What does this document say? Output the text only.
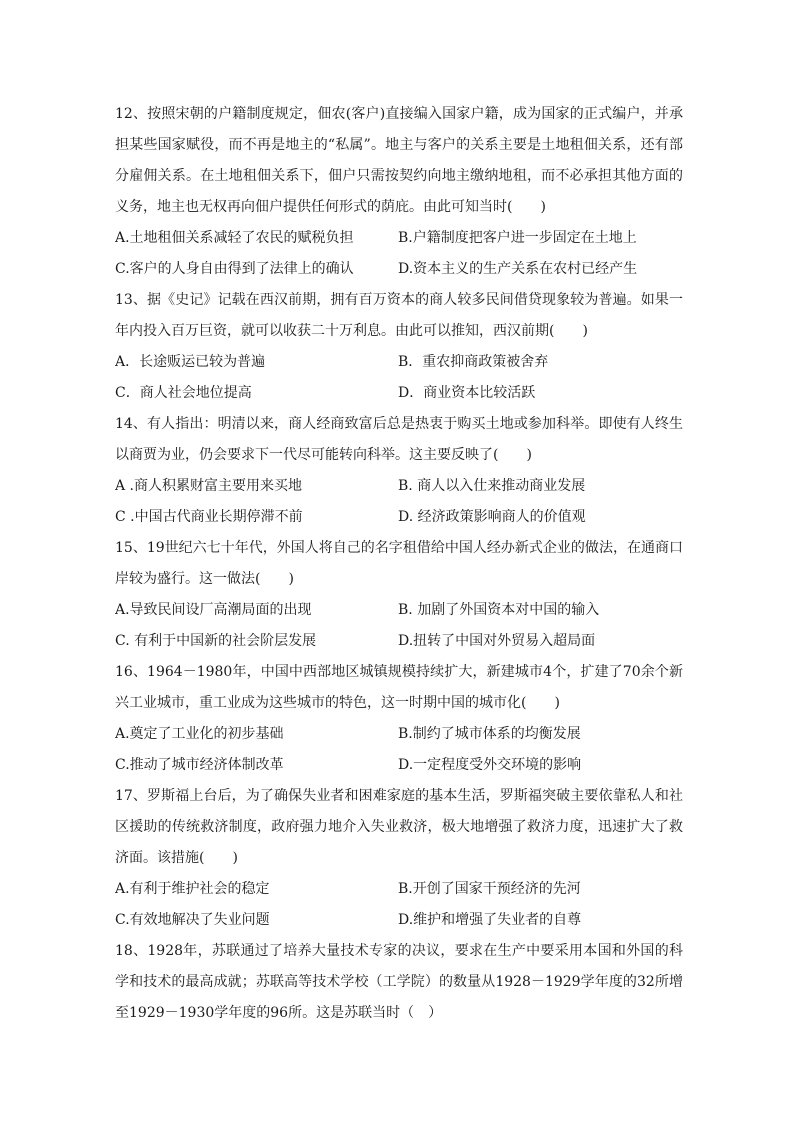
12、按照宋朝的户籍制度规定，佃农(客户)直接编入国家户籍，成为国家的正式编户，并承担某些国家赋役，而不再是地主的“私属”。地主与客户的关系主要是土地租佃关系，还有部分雇佣关系。在土地租佃关系下，佃户只需按契约向地主缴纳地租，而不必承担其他方面的义务，地主也无权再向佃户提供任何形式的荫庇。由此可知当时(　　)

A.土地租佃关系减轻了农民的赋税负担	B.户籍制度把客户进一步固定在土地上
C.客户的人身自由得到了法律上的确认	D.资本主义的生产关系在农村已经产生

13、据《史记》记载在西汉前期，拥有百万资本的商人较多民间借贷现象较为普遍。如果一年内投入百万巨资，就可以收获二十万利息。由此可以推知，西汉前期(　　)

A．长途贩运已较为普遍	B．重农抑商政策被舍弃
C．商人社会地位提高	D．商业资本比较活跃

14、有人指出：明清以来，商人经商致富后总是热衷于购买土地或参加科举。即使有人终生以商贾为业，仍会要求下一代尽可能转向科举。这主要反映了(　　)

A .商人积累财富主要用来买地	B. 商人以入仕来推动商业发展
C .中国古代商业长期停滞不前	D. 经济政策影响商人的价值观

15、19世纪六七十年代，外国人将自己的名字租借给中国人经办新式企业的做法，在通商口岸较为盛行。这一做法(　　)

A.导致民间设厂高潮局面的出现	B. 加剧了外国资本对中国的输入
C. 有利于中国新的社会阶层发展	D.扭转了中国对外贸易入超局面

16、1964－1980年，中国中西部地区城镇规模持续扩大，新建城市4个，扩建了70余个新兴工业城市，重工业成为这些城市的特色，这一时期中国的城市化(　　)

A.奠定了工业化的初步基础	B.制约了城市体系的均衡发展
C.推动了城市经济体制改革	D.一定程度受外交环境的影响

17、罗斯福上台后，为了确保失业者和困难家庭的基本生活，罗斯福突破主要依靠私人和社区援助的传统救济制度，政府强力地介入失业救济，极大地增强了救济力度，迅速扩大了救济面。该措施(　　)

A.有利于维护社会的稳定	B.开创了国家干预经济的先河
C.有效地解决了失业问题	D.维护和增强了失业者的自尊

18、1928年，苏联通过了培养大量技术专家的决议，要求在生产中要采用本国和外国的科学和技术的最高成就；苏联高等技术学校（工学院）的数量从1928－1929学年度的32所增至1929－1930学年度的96所。这是苏联当时（　）
